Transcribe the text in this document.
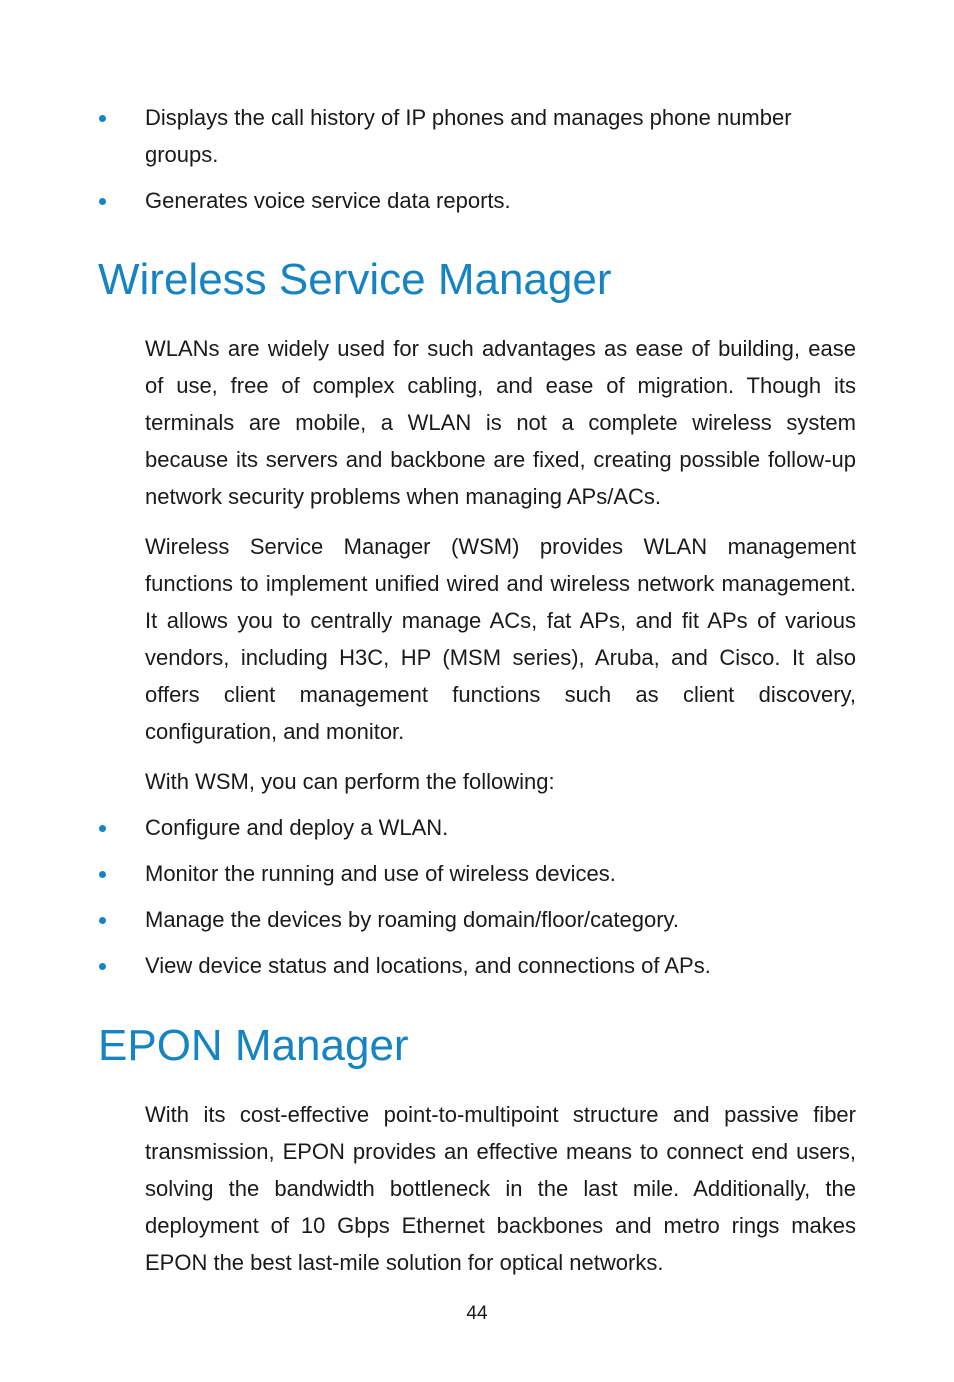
Displays the call history of IP phones and manages phone number groups.
Generates voice service data reports.
Wireless Service Manager

WLANs are widely used for such advantages as ease of building, ease of use, free of complex cabling, and ease of migration. Though its terminals are mobile, a WLAN is not a complete wireless system because its servers and backbone are fixed, creating possible follow-up network security problems when managing APs/ACs.

Wireless Service Manager (WSM) provides WLAN management functions to implement unified wired and wireless network management. It allows you to centrally manage ACs, fat APs, and fit APs of various vendors, including H3C, HP (MSM series), Aruba, and Cisco. It also offers client management functions such as client discovery, configuration, and monitor.

With WSM, you can perform the following:

Configure and deploy a WLAN.
Monitor the running and use of wireless devices.
Manage the devices by roaming domain/floor/category.
View device status and locations, and connections of APs.
EPON Manager

With its cost-effective point-to-multipoint structure and passive fiber transmission, EPON provides an effective means to connect end users, solving the bandwidth bottleneck in the last mile. Additionally, the deployment of 10 Gbps Ethernet backbones and metro rings makes EPON the best last-mile solution for optical networks.

44
